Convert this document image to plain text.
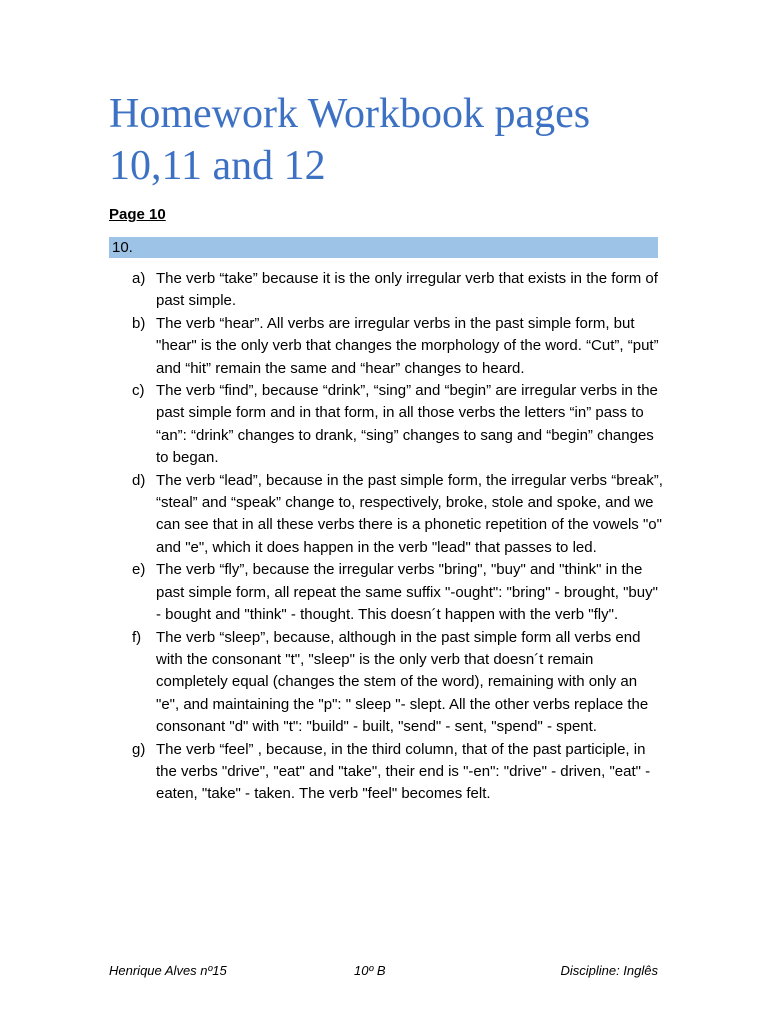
Homework Workbook pages 10,11 and 12
Page 10
10.
a) The verb “take” because it is the only irregular verb that exists in the form of past simple.
b) The verb “hear”. All verbs are irregular verbs in the past simple form, but "hear" is the only verb that changes the morphology of the word. “Cut”, “put” and “hit” remain the same and “hear” changes to heard.
c) The verb “find”, because “drink”, “sing” and “begin” are irregular verbs in the past simple form and in that form, in all those verbs the letters “in” pass to “an”: “drink” changes to drank, “sing” changes to sang and “begin” changes to began.
d) The verb “lead”, because in the past simple form, the irregular verbs “break”, “steal” and “speak” change to, respectively, broke, stole and spoke, and we can see that in all these verbs there is a phonetic repetition of the vowels "o" and "e", which it does happen in the verb "lead" that passes to led.
e) The verb “fly”, because the irregular verbs "bring", "buy" and "think" in the past simple form, all repeat the same suffix "-ought": "bring" - brought, "buy" - bought and "think" - thought. This doesn´t happen with the verb "fly".
f) The verb “sleep”, because, although in the past simple form all verbs end with the consonant "t", "sleep" is the only verb that doesn´t remain completely equal (changes the stem of the word), remaining with only an "e", and maintaining the "p": " sleep "- slept. All the other verbs replace the consonant "d" with "t": "build" - built, "send" - sent, "spend" - spent.
g) The verb “feel” , because, in the third column, that of the past participle, in the verbs "drive", "eat" and "take", their end is "-en": "drive" - driven, "eat" - eaten, "take" - taken. The verb "feel" becomes felt.
Henrique Alves nº15	10º B	Discipline: Inglês
